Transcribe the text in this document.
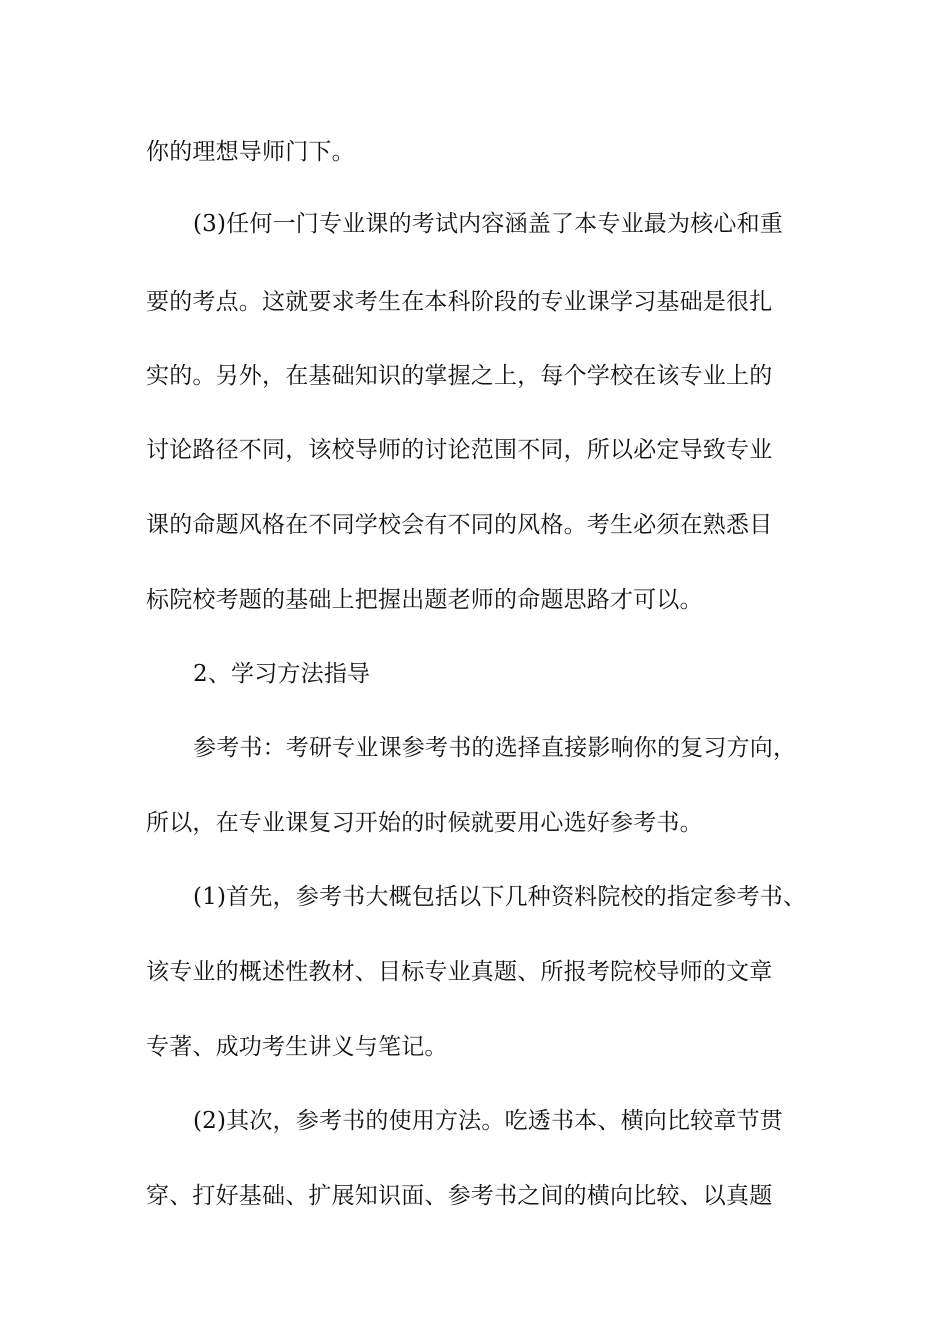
你的理想导师门下。
(3)任何一门专业课的考试内容涵盖了本专业最为核心和重
要的考点。这就要求考生在本科阶段的专业课学习基础是很扎
实的。另外，在基础知识的掌握之上，每个学校在该专业上的
讨论路径不同，该校导师的讨论范围不同，所以必定导致专业
课的命题风格在不同学校会有不同的风格。考生必须在熟悉目
标院校考题的基础上把握出题老师的命题思路才可以。
2、学习方法指导
参考书：考研专业课参考书的选择直接影响你的复习方向，
所以，在专业课复习开始的时候就要用心选好参考书。
(1)首先，参考书大概包括以下几种资料院校的指定参考书、
该专业的概述性教材、目标专业真题、所报考院校导师的文章
专著、成功考生讲义与笔记。
(2)其次，参考书的使用方法。吃透书本、横向比较章节贯
穿、打好基础、扩展知识面、参考书之间的横向比较、以真题
